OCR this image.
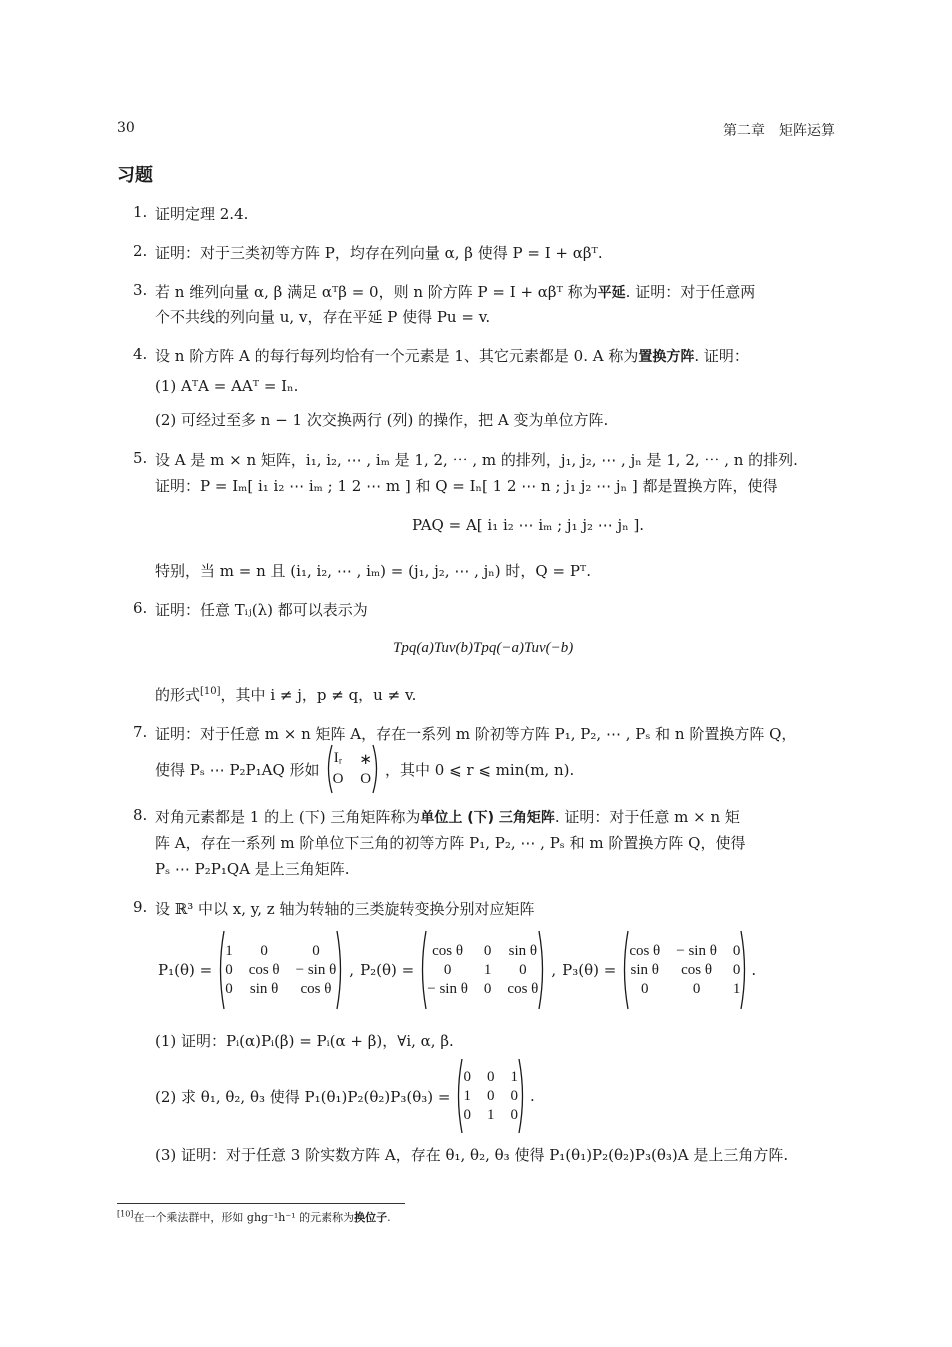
30	第二章　矩阵运算
习题
1. 证明定理 2.4.
2. 证明：对于三类初等方阵 P，均存在列向量 α, β 使得 P = I + αβᵀ.
3. 若 n 维列向量 α, β 满足 αᵀβ = 0，则 n 阶方阵 P = I + αβᵀ 称为平延. 证明：对于任意两
个不共线的列向量 u, v，存在平延 P 使得 Pu = v.
4. 设 n 阶方阵 A 的每行每列均恰有一个元素是 1、其它元素都是 0. A 称为置换方阵. 证明：
(1) AᵀA = AAᵀ = Iₙ.
(2) 可经过至多 n − 1 次交换两行 (列) 的操作，把 A 变为单位方阵.
5. 设 A 是 m × n 矩阵，i₁, i₂, ⋯ , iₘ 是 1, 2, ⋯ , m 的排列，j₁, j₂, ⋯ , jₙ 是 1, 2, ⋯ , n 的排列.
证明：P = Iₘ[ i₁ i₂ ⋯ iₘ ; 1 2 ⋯ m ] 和 Q = Iₙ[ 1 2 ⋯ n ; j₁ j₂ ⋯ jₙ ] 都是置换方阵，使得
PAQ = A[ i₁ i₂ ⋯ iₘ ; j₁ j₂ ⋯ jₙ ].
特别，当 m = n 且 (i₁, i₂, ⋯ , iₘ) = (j₁, j₂, ⋯ , jₙ) 时，Q = Pᵀ.
6. 证明：任意 Tᵢⱼ(λ) 都可以表示为
Tpq(a)Tuv(b)Tpq(−a)Tuv(−b)
的形式[10]，其中 i ≠ j，p ≠ q，u ≠ v.
7. 证明：对于任意 m × n 矩阵 A，存在一系列 m 阶初等方阵 P₁, P₂, ⋯ , Pₛ 和 n 阶置换方阵 Q，
使得 Pₛ ⋯ P₂P₁AQ 形如
Iᵣ ∗
O O
，其中 0 ⩽ r ⩽ min(m, n).
8. 对角元素都是 1 的上 (下) 三角矩阵称为单位上 (下) 三角矩阵. 证明：对于任意 m × n 矩
阵 A，存在一系列 m 阶单位下三角的初等方阵 P₁, P₂, ⋯ , Pₛ 和 m 阶置换方阵 Q，使得
Pₛ ⋯ P₂P₁QA 是上三角矩阵.
9. 设 ℝ³ 中以 x, y, z 轴为转轴的三类旋转变换分别对应矩阵
P₁(θ) =
1	0	0
0 cos θ − sin θ
0 sin θ	cos θ
, P₂(θ) =
cos θ	0 sin θ
0	1	0
− sin θ 0 cos θ
, P₃(θ) =
cos θ − sin θ 0
sin θ	cos θ	0
0	0	1
.
(1) 证明：Pᵢ(α)Pᵢ(β) = Pᵢ(α + β)，∀i, α, β.
(2) 求 θ₁, θ₂, θ₃ 使得 P₁(θ₁)P₂(θ₂)P₃(θ₃) =
0 0 1
1 0 0
0 1 0
.
(3) 证明：对于任意 3 阶实数方阵 A，存在 θ₁, θ₂, θ₃ 使得 P₁(θ₁)P₂(θ₂)P₃(θ₃)A 是上三角方阵.
[10]在一个乘法群中，形如 ghg⁻¹h⁻¹ 的元素称为换位子.
